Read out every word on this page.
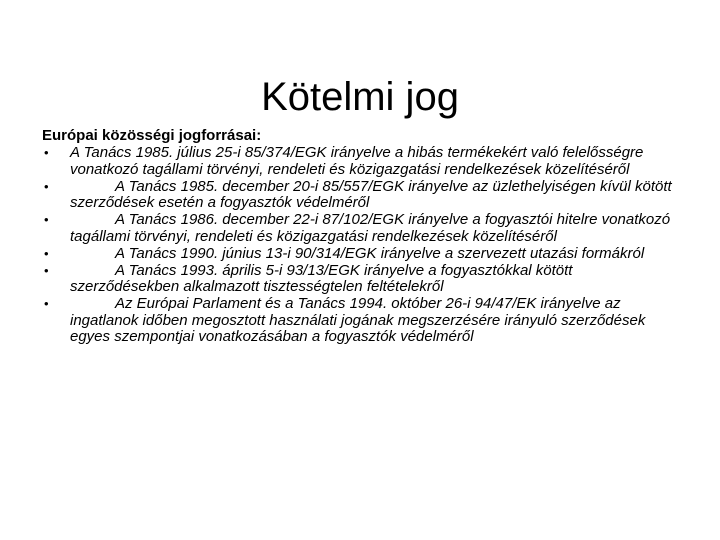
Kötelmi jog

Európai közösségi jogforrásai:

• A Tanács 1985. július 25-i 85/374/EGK irányelve a hibás termékekért való felelősségre vonatkozó tagállami törvényi, rendeleti és közigazgatási rendelkezések közelítéséről
•	A Tanács 1985. december 20-i 85/557/EGK irányelve az üzlethelyiségen kívül kötött szerződések esetén a fogyasztók védelméről
•	A Tanács 1986. december 22-i 87/102/EGK irányelve a fogyasztói hitelre vonatkozó tagállami törvényi, rendeleti és közigazgatási rendelkezések közelítéséről
•	A Tanács 1990. június 13-i 90/314/EGK irányelve a szervezett utazási formákról
•	A Tanács 1993. április 5-i 93/13/EGK irányelve a fogyasztókkal kötött szerződésekben alkalmazott tisztességtelen feltételekről
•	Az Európai Parlament és a Tanács 1994. október 26-i 94/47/EK irányelve az ingatlanok időben megosztott használati jogának megszerzésére irányuló szerződések egyes szempontjai vonatkozásában a fogyasztók védelméről
